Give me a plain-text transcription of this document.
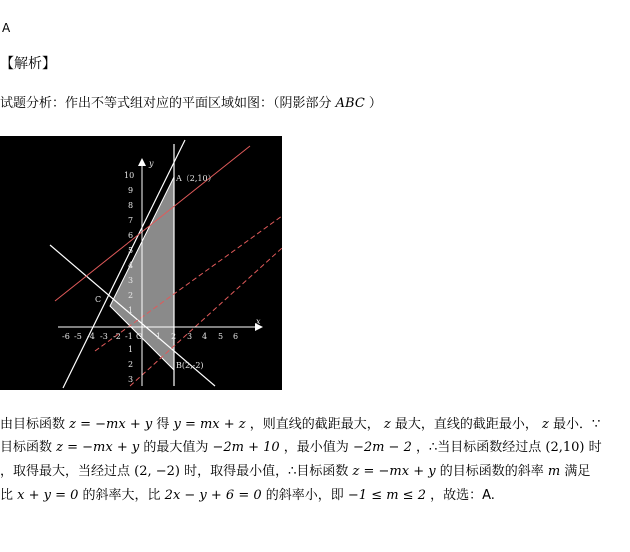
A
【解析】
试题分析：作出不等式组对应的平面区域如图：（阴影部分 ABC ）
x
y
A（2,10）
B(2,-2)
C
-6 -5 -4 -3 -2 -1 O 1 2 3 4 5 6
10
9
8
7
6
5
4
3
2
1
1
2
3
由目标函数 z = −mx + y 得 y = mx + z ，则直线的截距最大， z 最大，直线的截距最小， z 最小．∵
目标函数 z = −mx + y 的最大值为 −2m + 10 ，最小值为 −2m − 2 ，∴当目标函数经过点 (2,10) 时
，取得最大，当经过点 (2, −2) 时，取得最小值，∴目标函数 z = −mx + y 的目标函数的斜率 m 满足
比 x + y = 0 的斜率大，比 2x − y + 6 = 0 的斜率小，即 −1 ≤ m ≤ 2 ，故选：A.
